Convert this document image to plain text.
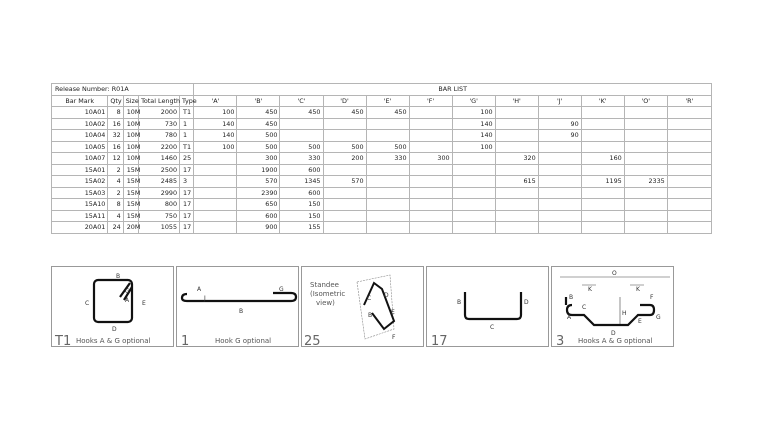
Release Number: R01A					BAR LIST											
Bar Mark	Qty	Size	Total Length	Type	'A'	'B'	'C'	'D'	'E'	'F'	'G'	'H'	'J'	'K'	'O'	'R'
10A01	8	10M	2000	T1	100	450	450	450	450		100					
10A02	16	10M	730	1	140	450					140		90			
10A04	32	10M	780	1	140	500					140		90			
10A05	16	10M	2200	T1	100	500	500	500	500		100					
10A07	12	10M	1460	25		300	330	200	330	300		320		160		
15A01	2	15M	2500	17		1900	600									
15A02	4	15M	2485	3		570	1345	570				615		1195	2335	
15A03	2	15M	2990	17		2390	600									
15A10	8	15M	800	17		650	150									
15A11	4	15M	750	17		600	150									
20A01	24	20M	1055	17		900	155									
B
C
G
A E
D
T1 Hooks A & G optional
A
J
G
B
1	Hook G optional
Standee
(Isometric
view)
C D
B	E
F
25
B	D
C
17
O
K	K
B	F
C
A
H
E
G
D
3 Hooks A & G optional
